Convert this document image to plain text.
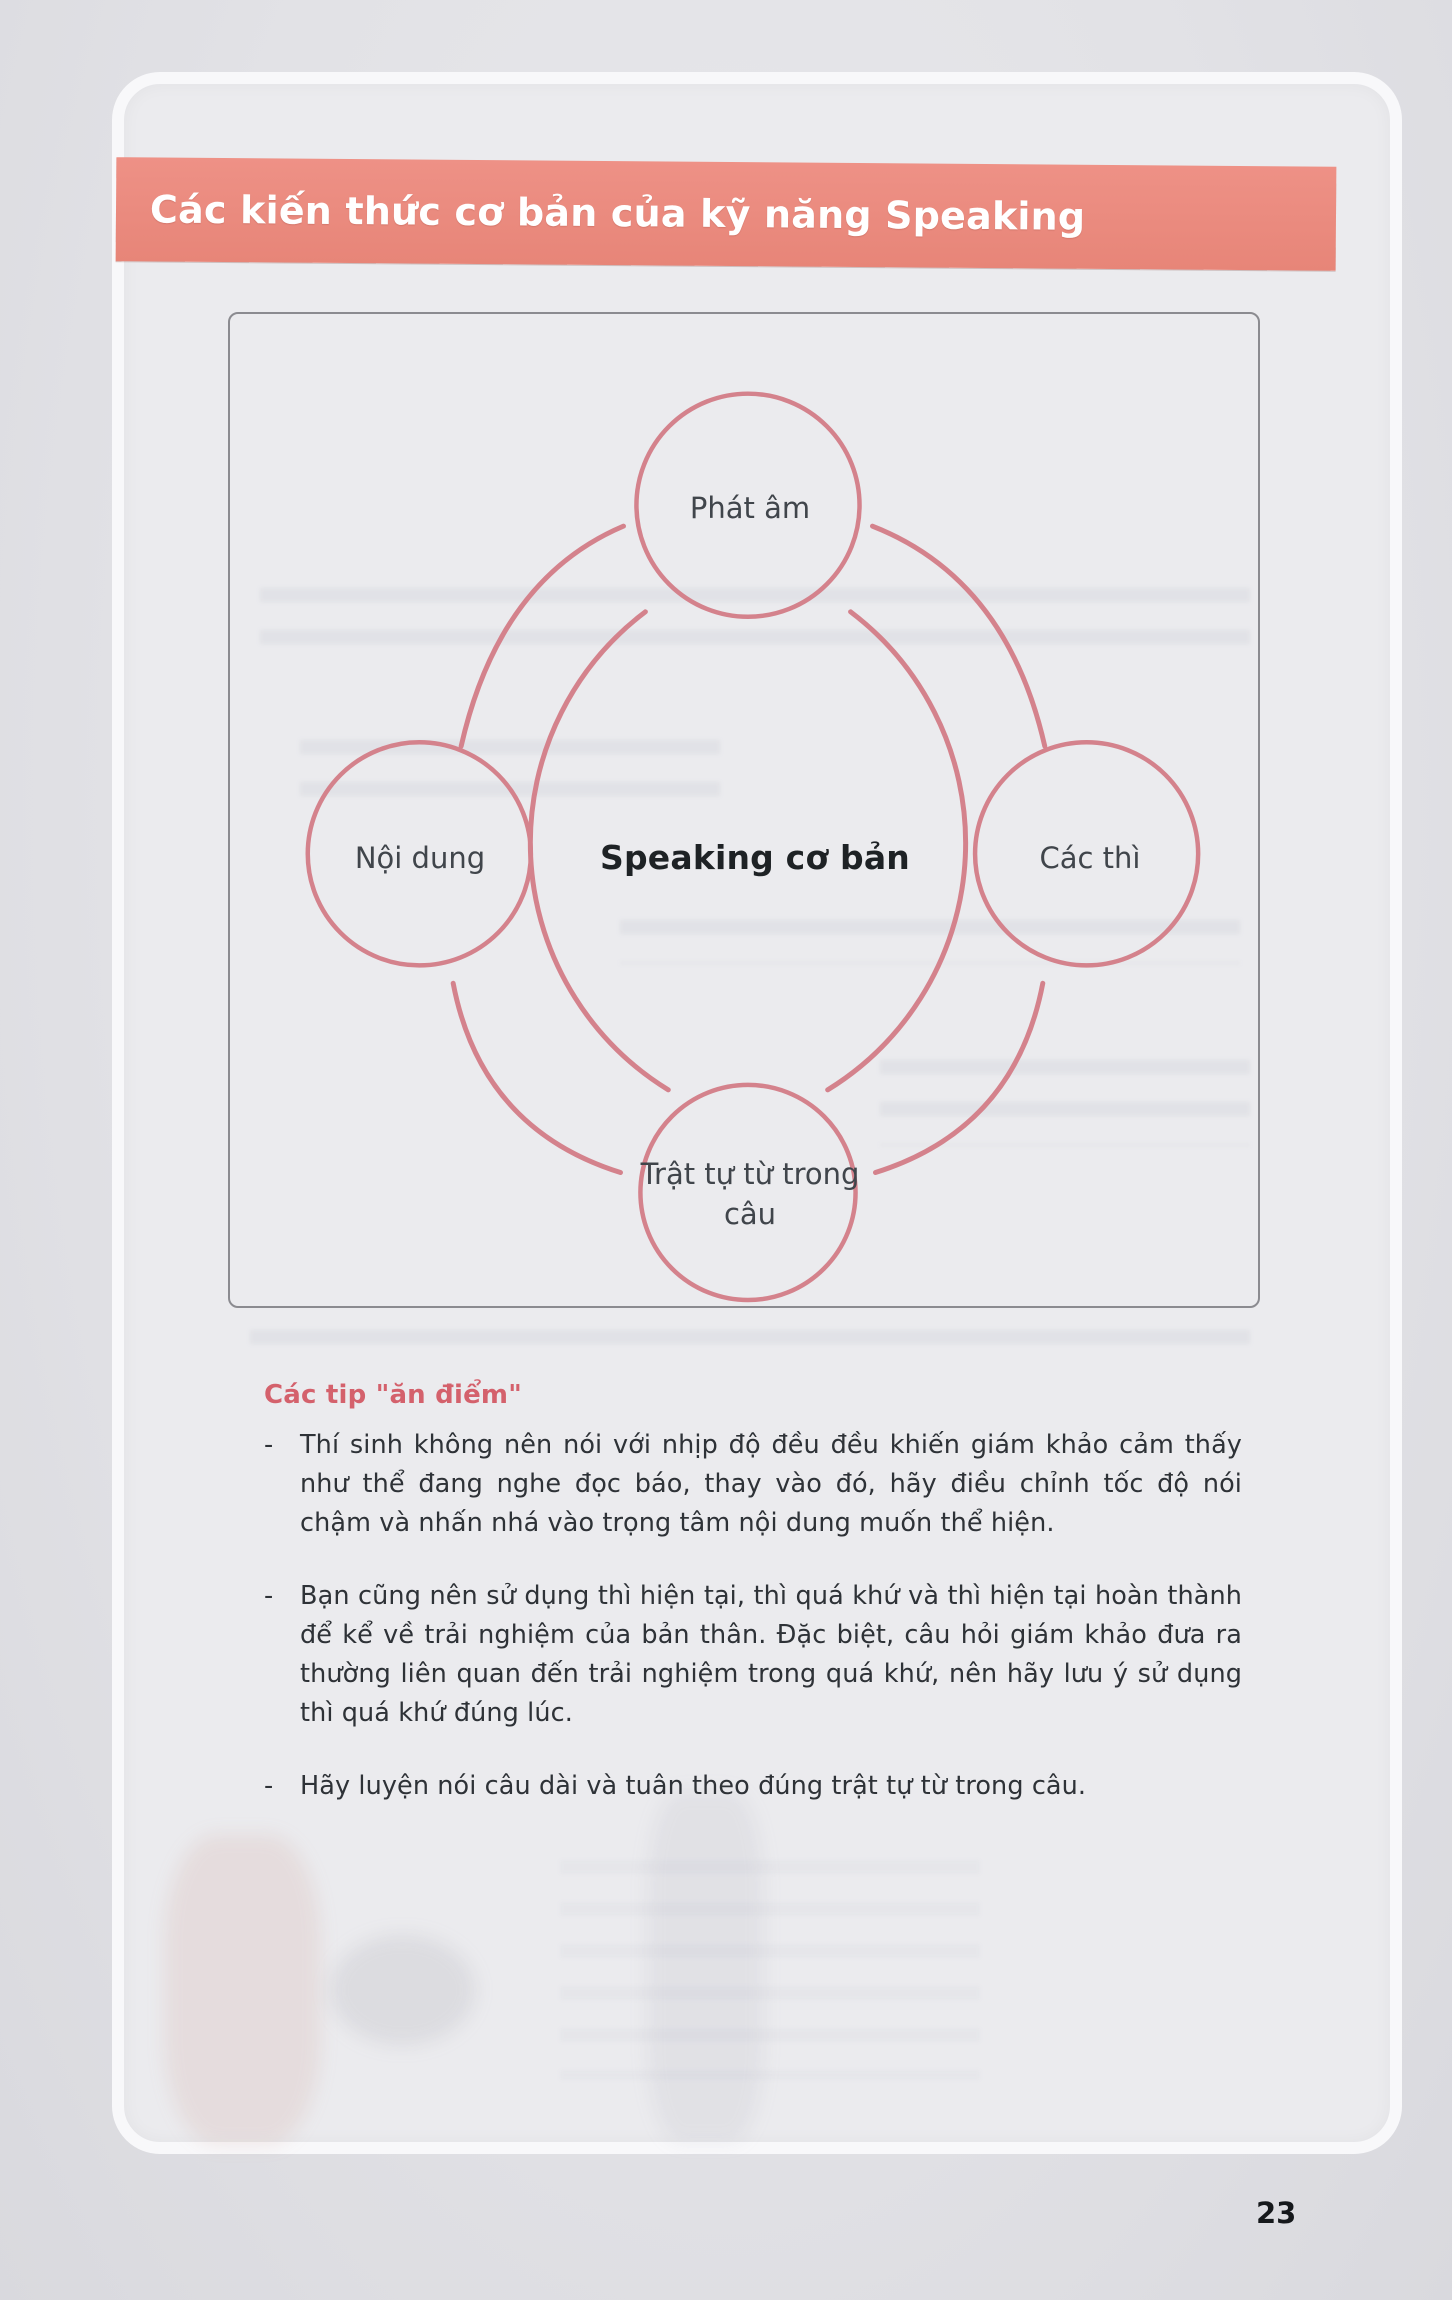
Các kiến thức cơ bản của kỹ năng Speaking
Phát âm
Nội dung	Các thì
Trật tự từ trong câu
Speaking cơ bản
Các tip "ăn điểm"
-	Thí sinh không nên nói với nhịp độ đều đều khiến giám khảo cảm thấy như thể đang nghe đọc báo, thay vào đó, hãy điều chỉnh tốc độ nói chậm và nhấn nhá vào trọng tâm nội dung muốn thể hiện.

-	Bạn cũng nên sử dụng thì hiện tại, thì quá khứ và thì hiện tại hoàn thành để kể về trải nghiệm của bản thân. Đặc biệt, câu hỏi giám khảo đưa ra thường liên quan đến trải nghiệm trong quá khứ, nên hãy lưu ý sử dụng thì quá khứ đúng lúc.

-	Hãy luyện nói câu dài và tuân theo đúng trật tự từ trong câu.

23
